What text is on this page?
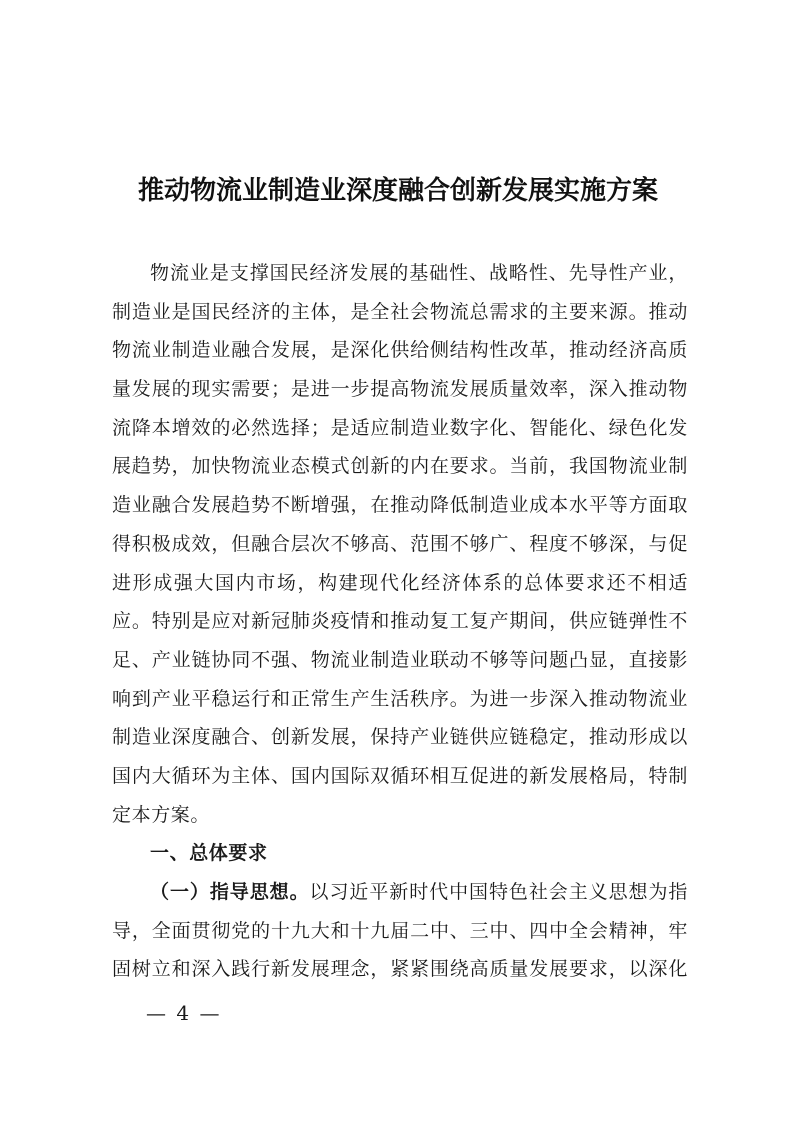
推动物流业制造业深度融合创新发展实施方案
物流业是支撑国民经济发展的基础性、战略性、先导性产业，
制造业是国民经济的主体，是全社会物流总需求的主要来源。推动
物流业制造业融合发展，是深化供给侧结构性改革，推动经济高质
量发展的现实需要；是进一步提高物流发展质量效率，深入推动物
流降本增效的必然选择；是适应制造业数字化、智能化、绿色化发
展趋势，加快物流业态模式创新的内在要求。当前，我国物流业制
造业融合发展趋势不断增强，在推动降低制造业成本水平等方面取
得积极成效，但融合层次不够高、范围不够广、程度不够深，与促
进形成强大国内市场，构建现代化经济体系的总体要求还不相适
应。特别是应对新冠肺炎疫情和推动复工复产期间，供应链弹性不
足、产业链协同不强、物流业制造业联动不够等问题凸显，直接影
响到产业平稳运行和正常生产生活秩序。为进一步深入推动物流业
制造业深度融合、创新发展，保持产业链供应链稳定，推动形成以
国内大循环为主体、国内国际双循环相互促进的新发展格局，特制
定本方案。
一、总体要求
（一）指导思想。以习近平新时代中国特色社会主义思想为指
导，全面贯彻党的十九大和十九届二中、三中、四中全会精神，牢
固树立和深入践行新发展理念，紧紧围绕高质量发展要求，以深化
— 4 —
